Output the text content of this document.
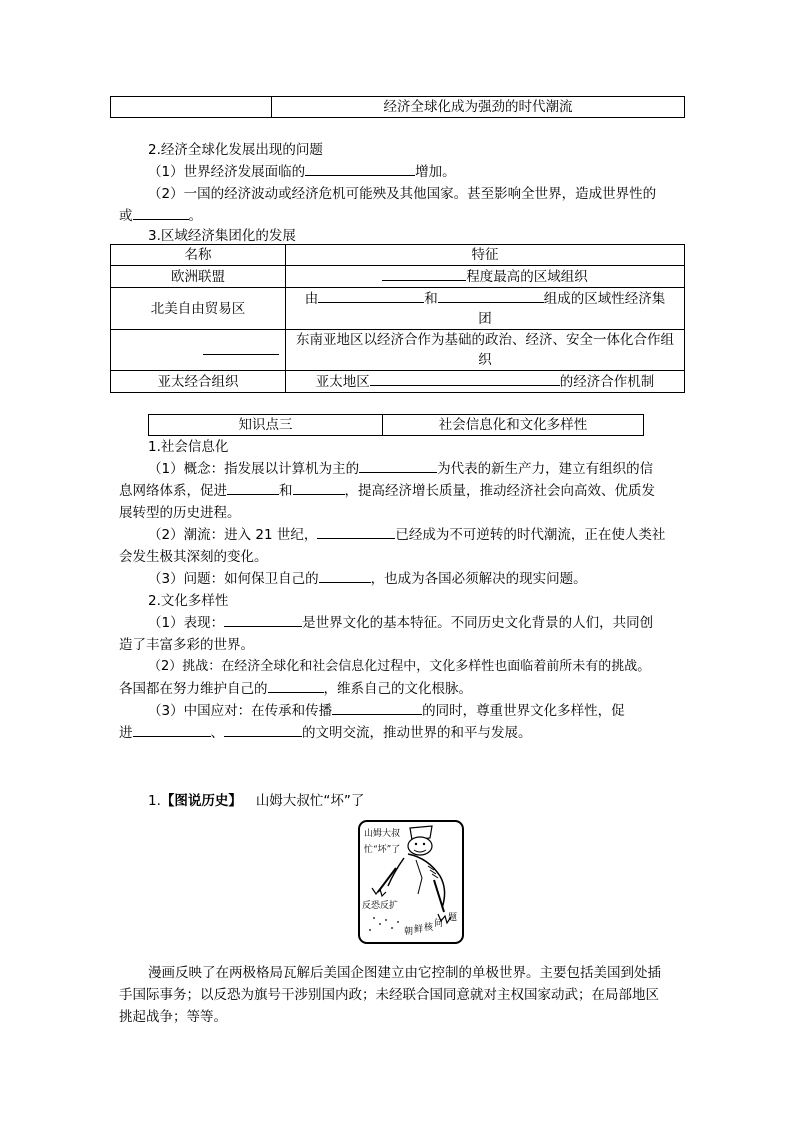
	经济全球化成为强劲的时代潮流
2.经济全球化发展出现的问题
（1）世界经济发展面临的	增加。
（2）一国的经济波动或经济危机可能殃及其他国家。甚至影响全世界，造成世界性的
或	。
3.区域经济集团化的发展
名称	特征
欧洲联盟	程度最高的区域组织
北美自由贸易区	由 和 组成的区域性经济集
团

	东南亚地区以经济合作为基础的政治、经济、安全一体化合作组
织

亚太经合组织	亚太地区 的经济合作机制
知识点三	社会信息化和文化多样性
1.社会信息化
（1）概念：指发展以计算机为主的	为代表的新生产力，建立有组织的信
息网络体系，促进	和	，提高经济增长质量，推动经济社会向高效、优质发
展转型的历史进程。
（2）潮流：进入 21 世纪，	已经成为不可逆转的时代潮流，正在使人类社
会发生极其深刻的变化。
（3）问题：如何保卫自己的	，也成为各国必须解决的现实问题。
2.文化多样性
（1）表现：	是世界文化的基本特征。不同历史文化背景的人们，共同创
造了丰富多彩的世界。
（2）挑战：在经济全球化和社会信息化过程中，文化多样性也面临着前所未有的挑战。
各国都在努力维护自己的	，维系自己的文化根脉。
（3）中国应对：在传承和传播	的同时，尊重世界文化多样性，促
进	、	的文明交流，推动世界的和平与发展。
1.【图说历史】 山姆大叔忙“坏”了
山姆大叔
忙“坏”了
反恐反扩
朝 鲜 核 问
题
漫画反映了在两极格局瓦解后美国企图建立由它控制的单极世界。主要包括美国到处插
手国际事务；以反恐为旗号干涉别国内政；未经联合国同意就对主权国家动武；在局部地区
挑起战争；等等。
